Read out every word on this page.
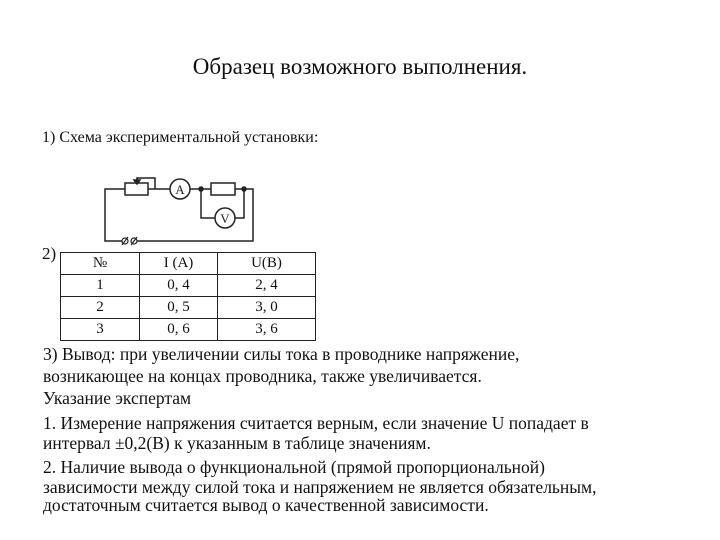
Образец возможного выполнения.
1) Схема экспериментальной установки:
A
V
2) №	I (A)	U(B)
1	0, 4	2, 4
2	0, 5	3, 0
3	0, 6	3, 6
3) Вывод: при увеличении силы тока в проводнике напряжение,
возникающее на концах проводника, также увеличивается.
Указание экспертам
1. Измерение напряжения считается верным, если значение U попадает в
интервал ±0,2(В) к указанным в таблице значениям.
2. Наличие вывода о функциональной (прямой пропорциональной)
зависимости между силой тока и напряжением не является обязательным,
достаточным считается вывод о качественной зависимости.
